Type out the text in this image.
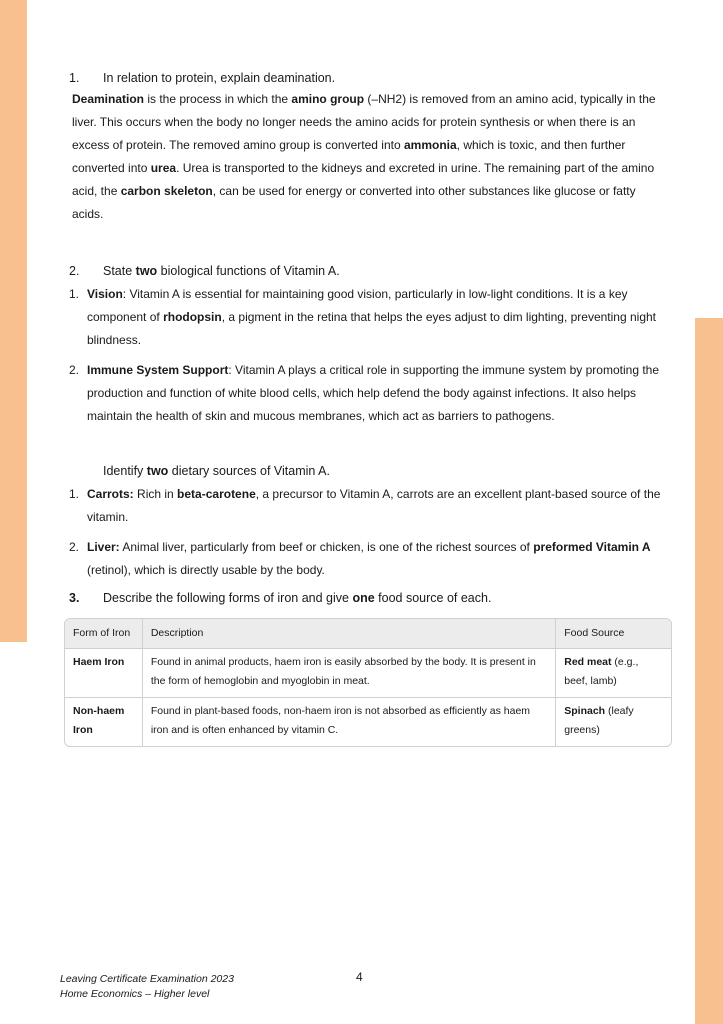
1.	In relation to protein, explain deamination.

Deamination is the process in which the amino group (–NH2) is removed from an amino acid, typically in the liver. This occurs when the body no longer needs the amino acids for protein synthesis or when there is an excess of protein. The removed amino group is converted into ammonia, which is toxic, and then further converted into urea. Urea is transported to the kidneys and excreted in urine. The remaining part of the amino acid, the carbon skeleton, can be used for energy or converted into other substances like glucose or fatty acids.

2.	State two biological functions of Vitamin A.
1. Vision: Vitamin A is essential for maintaining good vision, particularly in low-light conditions. It is a key component of rhodopsin, a pigment in the retina that helps the eyes adjust to dim lighting, preventing night blindness.
2. Immune System Support: Vitamin A plays a critical role in supporting the immune system by promoting the production and function of white blood cells, which help defend the body against infections. It also helps maintain the health of skin and mucous membranes, which act as barriers to pathogens.
Identify two dietary sources of Vitamin A.
1. Carrots: Rich in beta-carotene, a precursor to Vitamin A, carrots are an excellent plant-based source of the vitamin.
2. Liver: Animal liver, particularly from beef or chicken, is one of the richest sources of preformed Vitamin A (retinol), which is directly usable by the body.
3.	Describe the following forms of iron and give one food source of each.
Form of Iron	Description	Food Source
Haem Iron	Found in animal products, haem iron is easily absorbed by the body. It is present in the form of hemoglobin and myoglobin in meat.	Red meat (e.g., beef, lamb)
Non-haem Iron	Found in plant-based foods, non-haem iron is not absorbed as efficiently as haem iron and is often enhanced by vitamin C.	Spinach (leafy greens)
Leaving Certificate Examination 2023
Home Economics – Higher level
4
